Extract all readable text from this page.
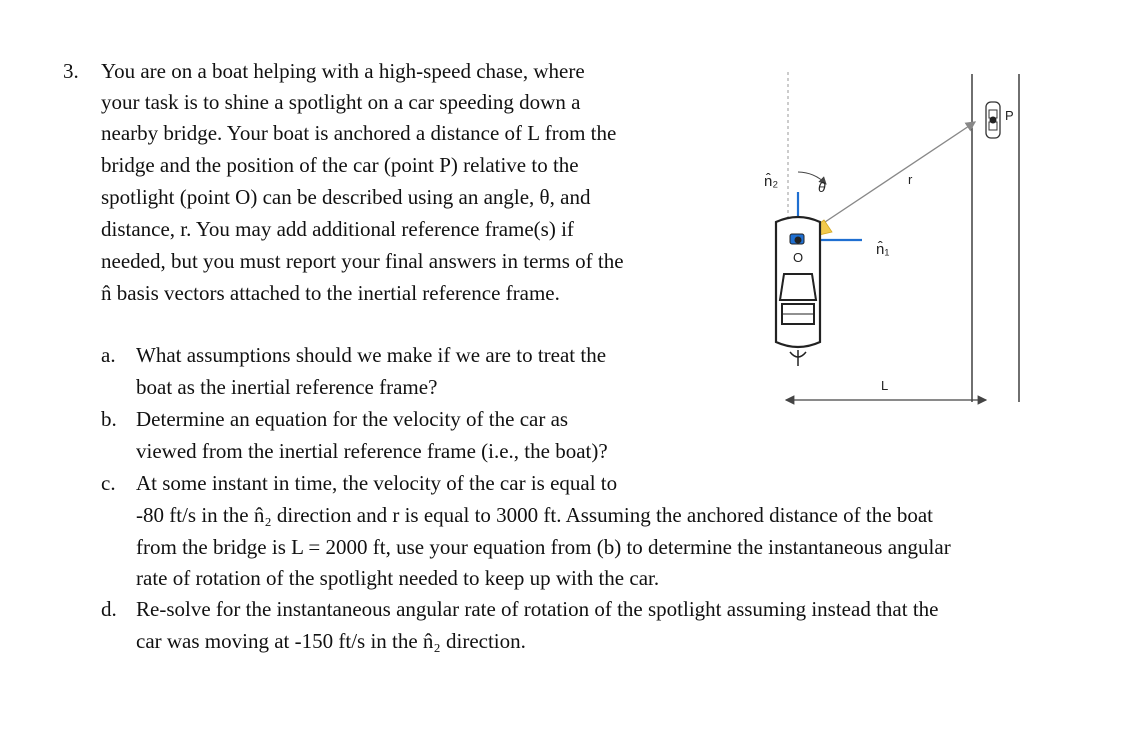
3. You are on a boat helping with a high-speed chase, where
your task is to shine a spotlight on a car speeding down a
nearby bridge. Your boat is anchored a distance of L from the
bridge and the position of the car (point P) relative to the
spotlight (point O) can be described using an angle, θ, and
distance, r. You may add additional reference frame(s) if
needed, but you must report your final answers in terms of the
n̂ basis vectors attached to the inertial reference frame.
a. What assumptions should we make if we are to treat the
boat as the inertial reference frame?
b. Determine an equation for the velocity of the car as
viewed from the inertial reference frame (i.e., the boat)?
c. At some instant in time, the velocity of the car is equal to
-80 ft/s in the n̂₂ direction and r is equal to 3000 ft. Assuming the anchored distance of the boat
from the bridge is L = 2000 ft, use your equation from (b) to determine the instantaneous angular
rate of rotation of the spotlight needed to keep up with the car.
d. Re-solve for the instantaneous angular rate of rotation of the spotlight assuming instead that the
car was moving at -150 ft/s in the n̂₂ direction.
n̂₂
n̂₁
θ	r
O
P
L
